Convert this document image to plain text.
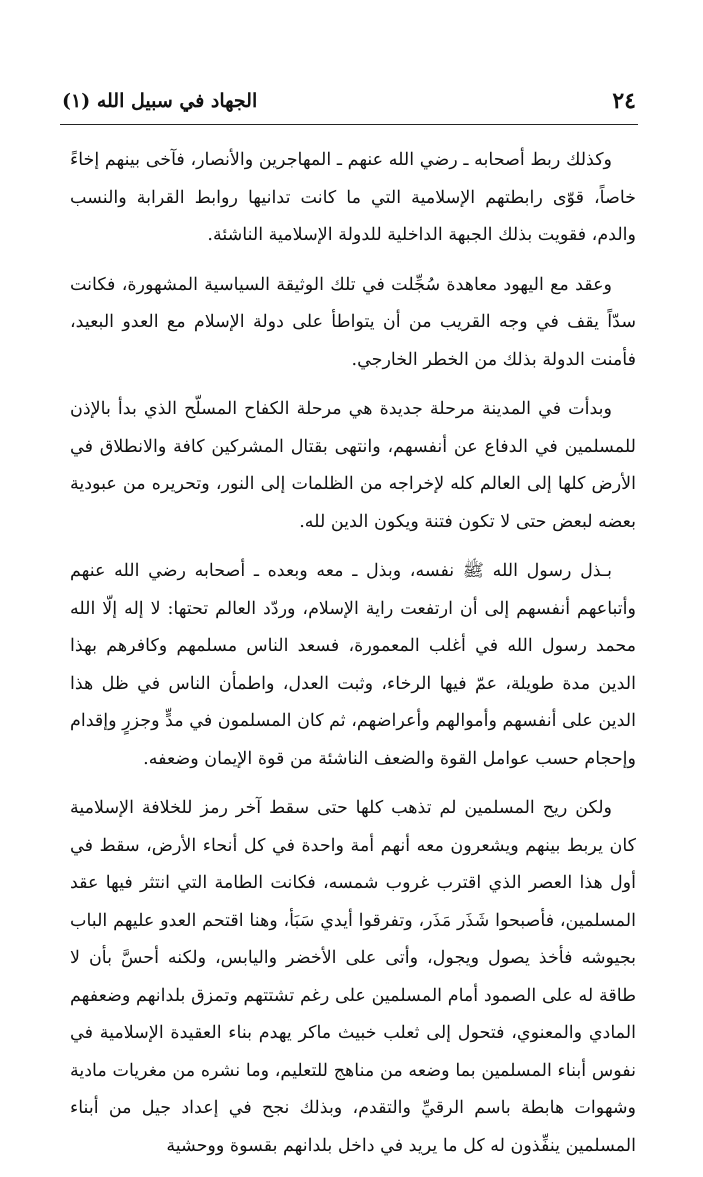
الجهاد في سبيل الله (١)	٢٤

وكذلك ربط أصحابه ـ رضي الله عنهم ـ المهاجرين والأنصار، فآخى بينهم إخاءً خاصاً، قوّى رابطتهم الإسلامية التي ما كانت تدانيها روابط القرابة والنسب والدم، فقويت بذلك الجبهة الداخلية للدولة الإسلامية الناشئة.

وعقد مع اليهود معاهدة سُجِّلت في تلك الوثيقة السياسية المشهورة، فكانت سدّاً يقف في وجه القريب من أن يتواطأ على دولة الإسلام مع العدو البعيد، فأمنت الدولة بذلك من الخطر الخارجي.

وبدأت في المدينة مرحلة جديدة هي مرحلة الكفاح المسلّح الذي بدأ بالإذن للمسلمين في الدفاع عن أنفسهم، وانتهى بقتال المشركين كافة والانطلاق في الأرض كلها إلى العالم كله لإخراجه من الظلمات إلى النور، وتحريره من عبودية بعضه لبعض حتى لا تكون فتنة ويكون الدين لله.

بـذل رسول الله ﷺ نفسه، وبذل ـ معه وبعده ـ أصحابه رضي الله عنهم وأتباعهم أنفسهم إلى أن ارتفعت راية الإسلام، وردّد العالم تحتها: لا إله إلّا الله محمد رسول الله في أغلب المعمورة، فسعد الناس مسلمهم وكافرهم بهذا الدين مدة طويلة، عمّ فيها الرخاء، وثبت العدل، واطمأن الناس في ظل هذا الدين على أنفسهم وأموالهم وأعراضهم، ثم كان المسلمون في مدٍّ وجزرٍ وإقدام وإحجام حسب عوامل القوة والضعف الناشئة من قوة الإيمان وضعفه.

ولكن ريح المسلمين لم تذهب كلها حتى سقط آخر رمز للخلافة الإسلامية كان يربط بينهم ويشعرون معه أنهم أمة واحدة في كل أنحاء الأرض، سقط في أول هذا العصر الذي اقترب غروب شمسه، فكانت الطامة التي انتثر فيها عقد المسلمين، فأصبحوا شَذَر مَذَر، وتفرقوا أيدي سَبَأ، وهنا اقتحم العدو عليهم الباب بجيوشه فأخذ يصول ويجول، وأتى على الأخضر واليابس، ولكنه أحسَّ بأن لا طاقة له على الصمود أمام المسلمين على رغم تشتتهم وتمزق بلدانهم وضعفهم المادي والمعنوي، فتحول إلى ثعلب خبيث ماكر يهدم بناء العقيدة الإسلامية في نفوس أبناء المسلمين بما وضعه من مناهج للتعليم، وما نشره من مغريات مادية وشهوات هابطة باسم الرقيِّ والتقدم، وبذلك نجح في إعداد جيل من أبناء المسلمين ينفِّذون له كل ما يريد في داخل بلدانهم بقسوة ووحشية
